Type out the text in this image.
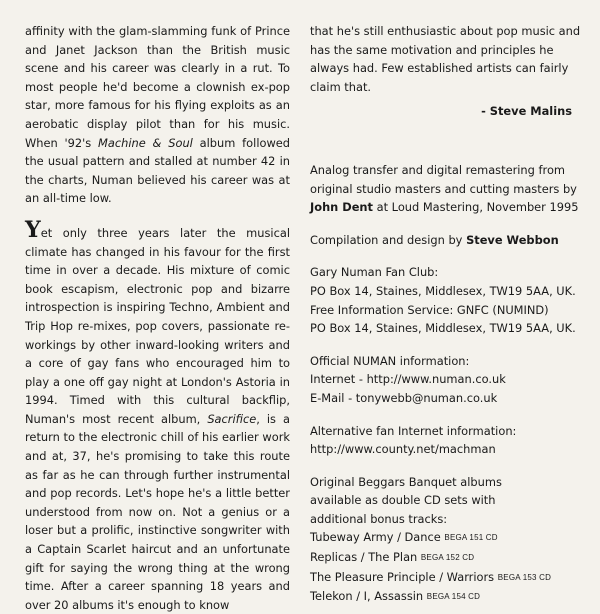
affinity with the glam-slamming funk of Prince and Janet Jackson than the British music scene and his career was clearly in a rut. To most people he'd become a clownish ex-pop star, more famous for his flying exploits as an aerobatic display pilot than for his music. When '92's Machine & Soul album followed the usual pattern and stalled at number 42 in the charts, Numan believed his career was at an all-time low.

Yet only three years later the musical climate has changed in his favour for the first time in over a decade. His mixture of comic book escapism, electronic pop and bizarre introspection is inspiring Techno, Ambient and Trip Hop re-mixes, pop covers, passionate re-workings by other inward-looking writers and a core of gay fans who encouraged him to play a one off gay night at London's Astoria in 1994. Timed with this cultural backflip, Numan's most recent album, Sacrifice, is a return to the electronic chill of his earlier work and at, 37, he's promising to take this route as far as he can through further instrumental and pop records. Let's hope he's a little better understood from now on. Not a genius or a loser but a prolific, instinctive songwriter with a Captain Scarlet haircut and an unfortunate gift for saying the wrong thing at the wrong time. After a career spanning 18 years and over 20 albums it's enough to know

that he's still enthusiastic about pop music and has the same motivation and principles he always had. Few established artists can fairly claim that.

- Steve Malins

Analog transfer and digital remastering from original studio masters and cutting masters by John Dent at Loud Mastering, November 1995

Compilation and design by Steve Webbon

Gary Numan Fan Club:
PO Box 14, Staines, Middlesex, TW19 5AA, UK.
Free Information Service: GNFC (NUMIND)
PO Box 14, Staines, Middlesex, TW19 5AA, UK.
Official NUMAN information:
Internet - http://www.numan.co.uk
E-Mail - tonywebb@numan.co.uk
Alternative fan Internet information:
http://www.county.net/machman
Original Beggars Banquet albums
available as double CD sets with
additional bonus tracks:
Tubeway Army / Dance BEGA 151 CD
Replicas / The Plan BEGA 152 CD
The Pleasure Principle / Warriors BEGA 153 CD
Telekon / I, Assassin BEGA 154 CD
